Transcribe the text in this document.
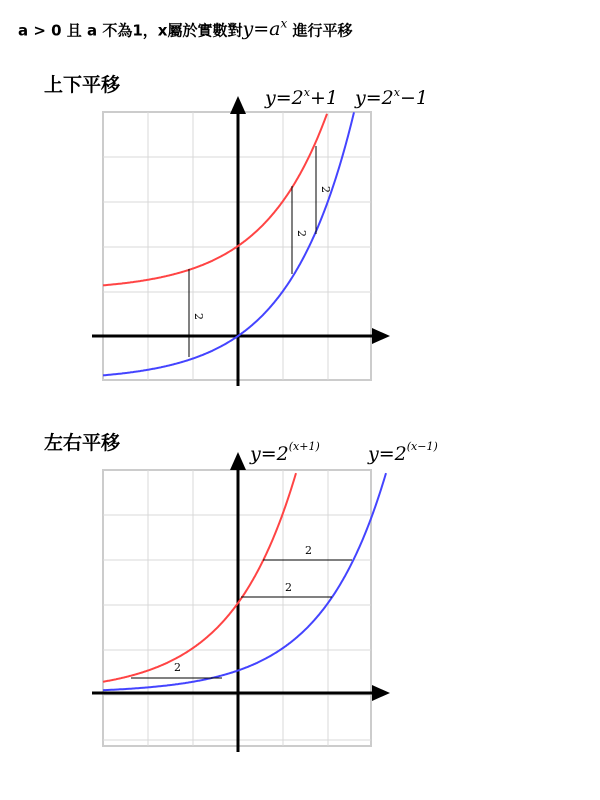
a > 0 且 a 不為1，x屬於實數對$y=a^x$ 進行平移
上下平移
左右平移
2
2
2
$y=2^x+1$ $y=2^x-1$
2
2
2
$y=2^{(x+1)}$	$y=2^{(x-1)}$
